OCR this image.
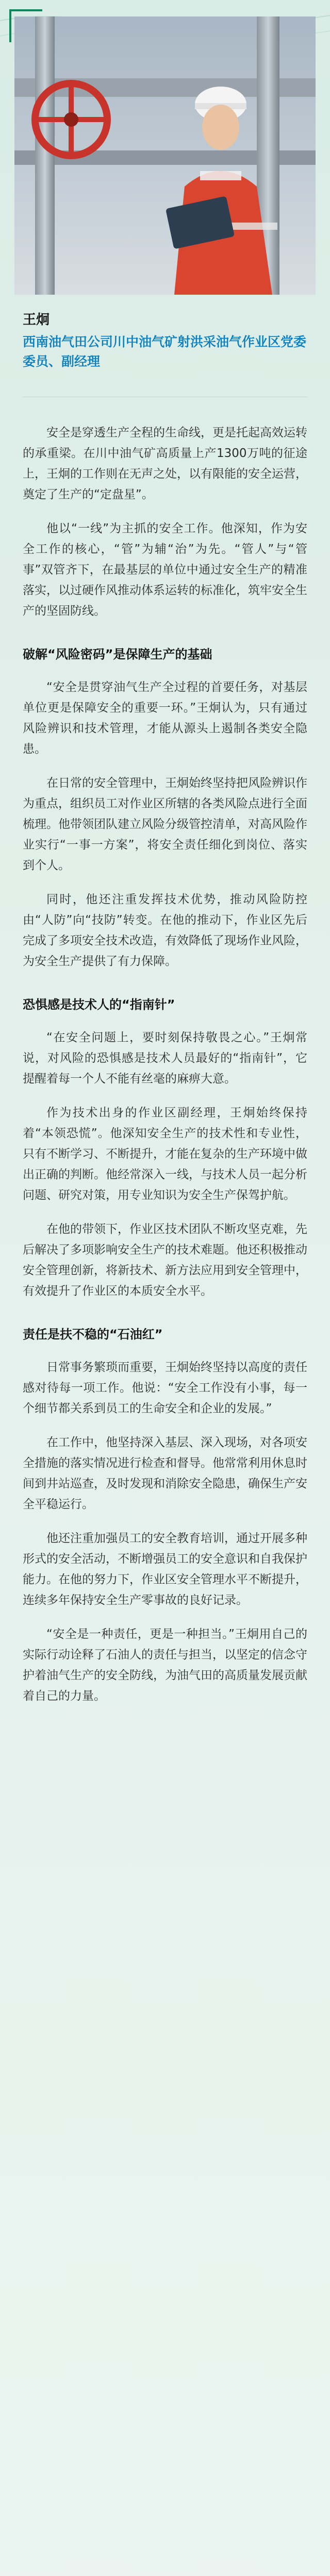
王炯
西南油气田公司川中油气矿射洪采油气作业区党委委员、副经理

安全是穿透生产全程的生命线，更是托起高效运转的承重梁。在川中油气矿高质量上产1300万吨的征途上，王炯的工作则在无声之处，以有限能的安全运营，奠定了生产的“定盘星”。

他以“一线”为主抓的安全工作。他深知，作为安全工作的核心，“管”为辅“治”为先。“管人”与“管事”双管齐下，在最基层的单位中通过安全生产的精准落实，以过硬作风推动体系运转的标准化，筑牢安全生产的坚固防线。

破解“风险密码”是保障生产的基础

“安全是贯穿油气生产全过程的首要任务，对基层单位更是保障安全的重要一环。”王炯认为，只有通过风险辨识和技术管理，才能从源头上遏制各类安全隐患。

在日常的安全管理中，王炯始终坚持把风险辨识作为重点，组织员工对作业区所辖的各类风险点进行全面梳理。他带领团队建立风险分级管控清单，对高风险作业实行“一事一方案”，将安全责任细化到岗位、落实到个人。

同时，他还注重发挥技术优势，推动风险防控由“人防”向“技防”转变。在他的推动下，作业区先后完成了多项安全技术改造，有效降低了现场作业风险，为安全生产提供了有力保障。

恐惧感是技术人的“指南针”

“在安全问题上，要时刻保持敬畏之心。”王炯常说，对风险的恐惧感是技术人员最好的“指南针”，它提醒着每一个人不能有丝毫的麻痹大意。

作为技术出身的作业区副经理，王炯始终保持着“本领恐慌”。他深知安全生产的技术性和专业性，只有不断学习、不断提升，才能在复杂的生产环境中做出正确的判断。他经常深入一线，与技术人员一起分析问题、研究对策，用专业知识为安全生产保驾护航。

在他的带领下，作业区技术团队不断攻坚克难，先后解决了多项影响安全生产的技术难题。他还积极推动安全管理创新，将新技术、新方法应用到安全管理中，有效提升了作业区的本质安全水平。

责任是扶不稳的“石油红”

日常事务繁琐而重要，王炯始终坚持以高度的责任感对待每一项工作。他说：“安全工作没有小事，每一个细节都关系到员工的生命安全和企业的发展。”

在工作中，他坚持深入基层、深入现场，对各项安全措施的落实情况进行检查和督导。他常常利用休息时间到井站巡查，及时发现和消除安全隐患，确保生产安全平稳运行。

他还注重加强员工的安全教育培训，通过开展多种形式的安全活动，不断增强员工的安全意识和自我保护能力。在他的努力下，作业区安全管理水平不断提升，连续多年保持安全生产零事故的良好记录。

“安全是一种责任，更是一种担当。”王炯用自己的实际行动诠释了石油人的责任与担当，以坚定的信念守护着油气生产的安全防线，为油气田的高质量发展贡献着自己的力量。
